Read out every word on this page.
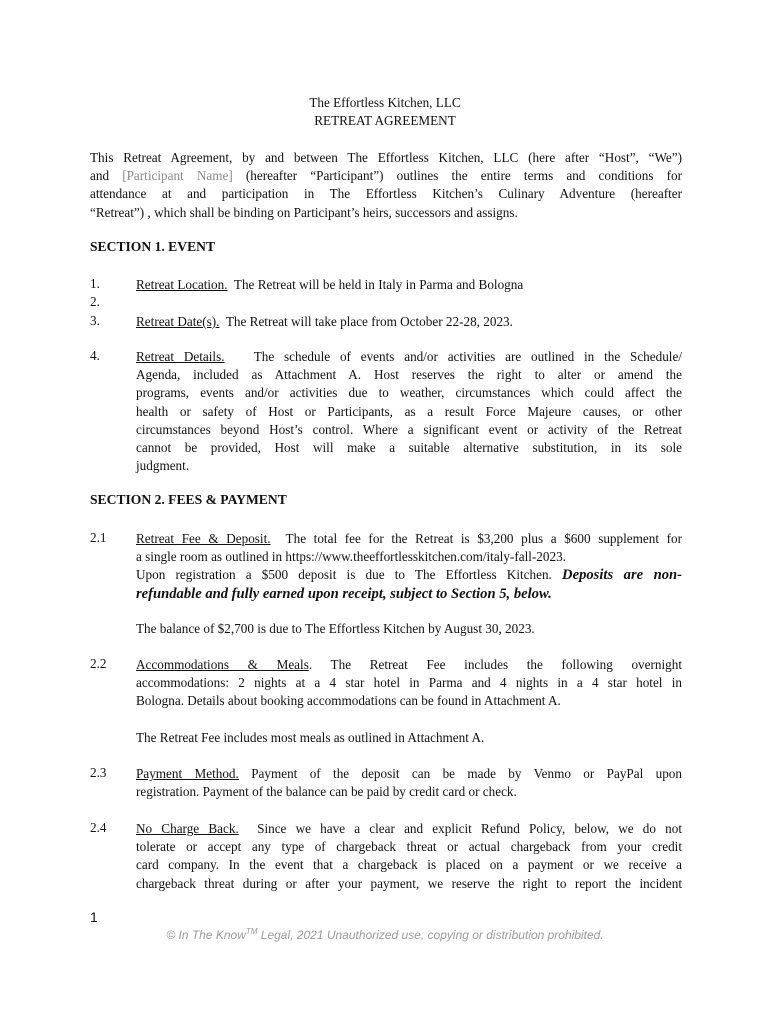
The Effortless Kitchen, LLC
RETREAT AGREEMENT
This Retreat Agreement, by and between The Effortless Kitchen, LLC (here after “Host”, “We”)
and [Participant Name] (hereafter “Participant”) outlines the entire terms and conditions for
attendance at and participation in The Effortless Kitchen’s Culinary Adventure (hereafter
“Retreat”) , which shall be binding on Participant’s heirs, successors and assigns.
SECTION 1. EVENT
1.	Retreat Location. The Retreat will be held in Italy in Parma and Bologna
2.
3.	Retreat Date(s). The Retreat will take place from October 22-28, 2023.
4.	Retreat Details. The schedule of events and/or activities are outlined in the Schedule/
Agenda, included as Attachment A. Host reserves the right to alter or amend the
programs, events and/or activities due to weather, circumstances which could affect the
health or safety of Host or Participants, as a result Force Majeure causes, or other
circumstances beyond Host’s control. Where a significant event or activity of the Retreat
cannot be provided, Host will make a suitable alternative substitution, in its sole
judgment.
SECTION 2. FEES & PAYMENT
2.1	Retreat Fee & Deposit. The total fee for the Retreat is $3,200 plus a $600 supplement for
a single room as outlined in https://www.theeffortlesskitchen.com/italy-fall-2023.
Upon registration a $500 deposit is due to The Effortless Kitchen. Deposits are non-
refundable and fully earned upon receipt, subject to Section 5, below.
The balance of $2,700 is due to The Effortless Kitchen by August 30, 2023.
2.2	Accommodations & Meals. The Retreat Fee includes the following overnight
accommodations: 2 nights at a 4 star hotel in Parma and 4 nights in a 4 star hotel in
Bologna. Details about booking accommodations can be found in Attachment A.
The Retreat Fee includes most meals as outlined in Attachment A.
2.3	Payment Method. Payment of the deposit can be made by Venmo or PayPal upon
registration. Payment of the balance can be paid by credit card or check.
2.4	No Charge Back. Since we have a clear and explicit Refund Policy, below, we do not
tolerate or accept any type of chargeback threat or actual chargeback from your credit
card company. In the event that a chargeback is placed on a payment or we receive a
chargeback threat during or after your payment, we reserve the right to report the incident
1
© In The Know™ Legal, 2021 Unauthorized use, copying or distribution prohibited.
